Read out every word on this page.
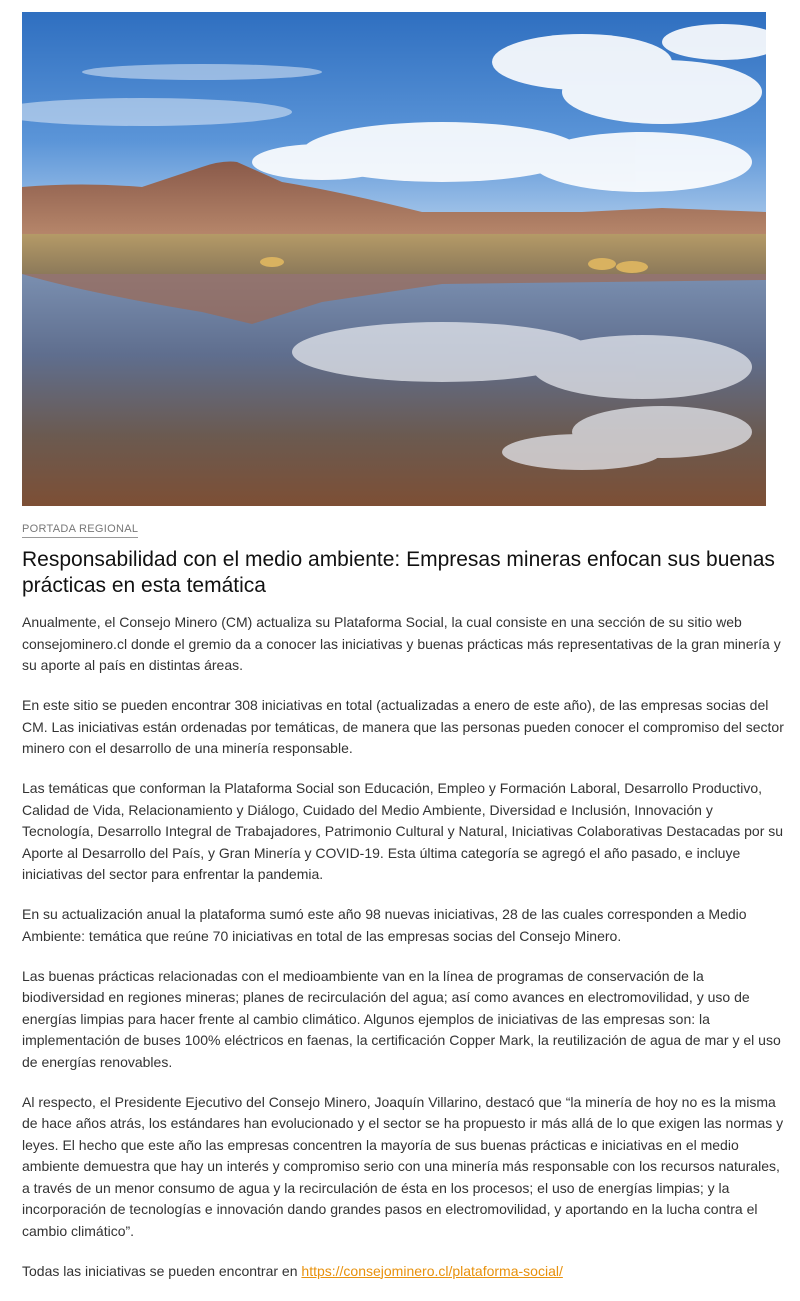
PORTADA REGIONAL
Responsabilidad con el medio ambiente: Empresas mineras enfocan sus buenas prácticas en esta temática

Anualmente, el Consejo Minero (CM) actualiza su Plataforma Social, la cual consiste en una sección de su sitio web consejominero.cl donde el gremio da a conocer las iniciativas y buenas prácticas más representativas de la gran minería y su aporte al país en distintas áreas.

En este sitio se pueden encontrar 308 iniciativas en total (actualizadas a enero de este año), de las empresas socias del CM. Las iniciativas están ordenadas por temáticas, de manera que las personas pueden conocer el compromiso del sector minero con el desarrollo de una minería responsable.

Las temáticas que conforman la Plataforma Social son Educación, Empleo y Formación Laboral, Desarrollo Productivo, Calidad de Vida, Relacionamiento y Diálogo, Cuidado del Medio Ambiente, Diversidad e Inclusión, Innovación y Tecnología, Desarrollo Integral de Trabajadores, Patrimonio Cultural y Natural, Iniciativas Colaborativas Destacadas por su Aporte al Desarrollo del País, y Gran Minería y COVID-19. Esta última categoría se agregó el año pasado, e incluye iniciativas del sector para enfrentar la pandemia.

En su actualización anual la plataforma sumó este año 98 nuevas iniciativas, 28 de las cuales corresponden a Medio Ambiente: temática que reúne 70 iniciativas en total de las empresas socias del Consejo Minero.

Las buenas prácticas relacionadas con el medioambiente van en la línea de programas de conservación de la biodiversidad en regiones mineras; planes de recirculación del agua; así como avances en electromovilidad, y uso de energías limpias para hacer frente al cambio climático. Algunos ejemplos de iniciativas de las empresas son: la implementación de buses 100% eléctricos en faenas, la certificación Copper Mark, la reutilización de agua de mar y el uso de energías renovables.

Al respecto, el Presidente Ejecutivo del Consejo Minero, Joaquín Villarino, destacó que “la minería de hoy no es la misma de hace años atrás, los estándares han evolucionado y el sector se ha propuesto ir más allá de lo que exigen las normas y leyes. El hecho que este año las empresas concentren la mayoría de sus buenas prácticas e iniciativas en el medio ambiente demuestra que hay un interés y compromiso serio con una minería más responsable con los recursos naturales, a través de un menor consumo de agua y la recirculación de ésta en los procesos; el uso de energías limpias; y la incorporación de tecnologías e innovación dando grandes pasos en electromovilidad, y aportando en la lucha contra el cambio climático”.

Todas las iniciativas se pueden encontrar en https://consejominero.cl/plataforma-social/
